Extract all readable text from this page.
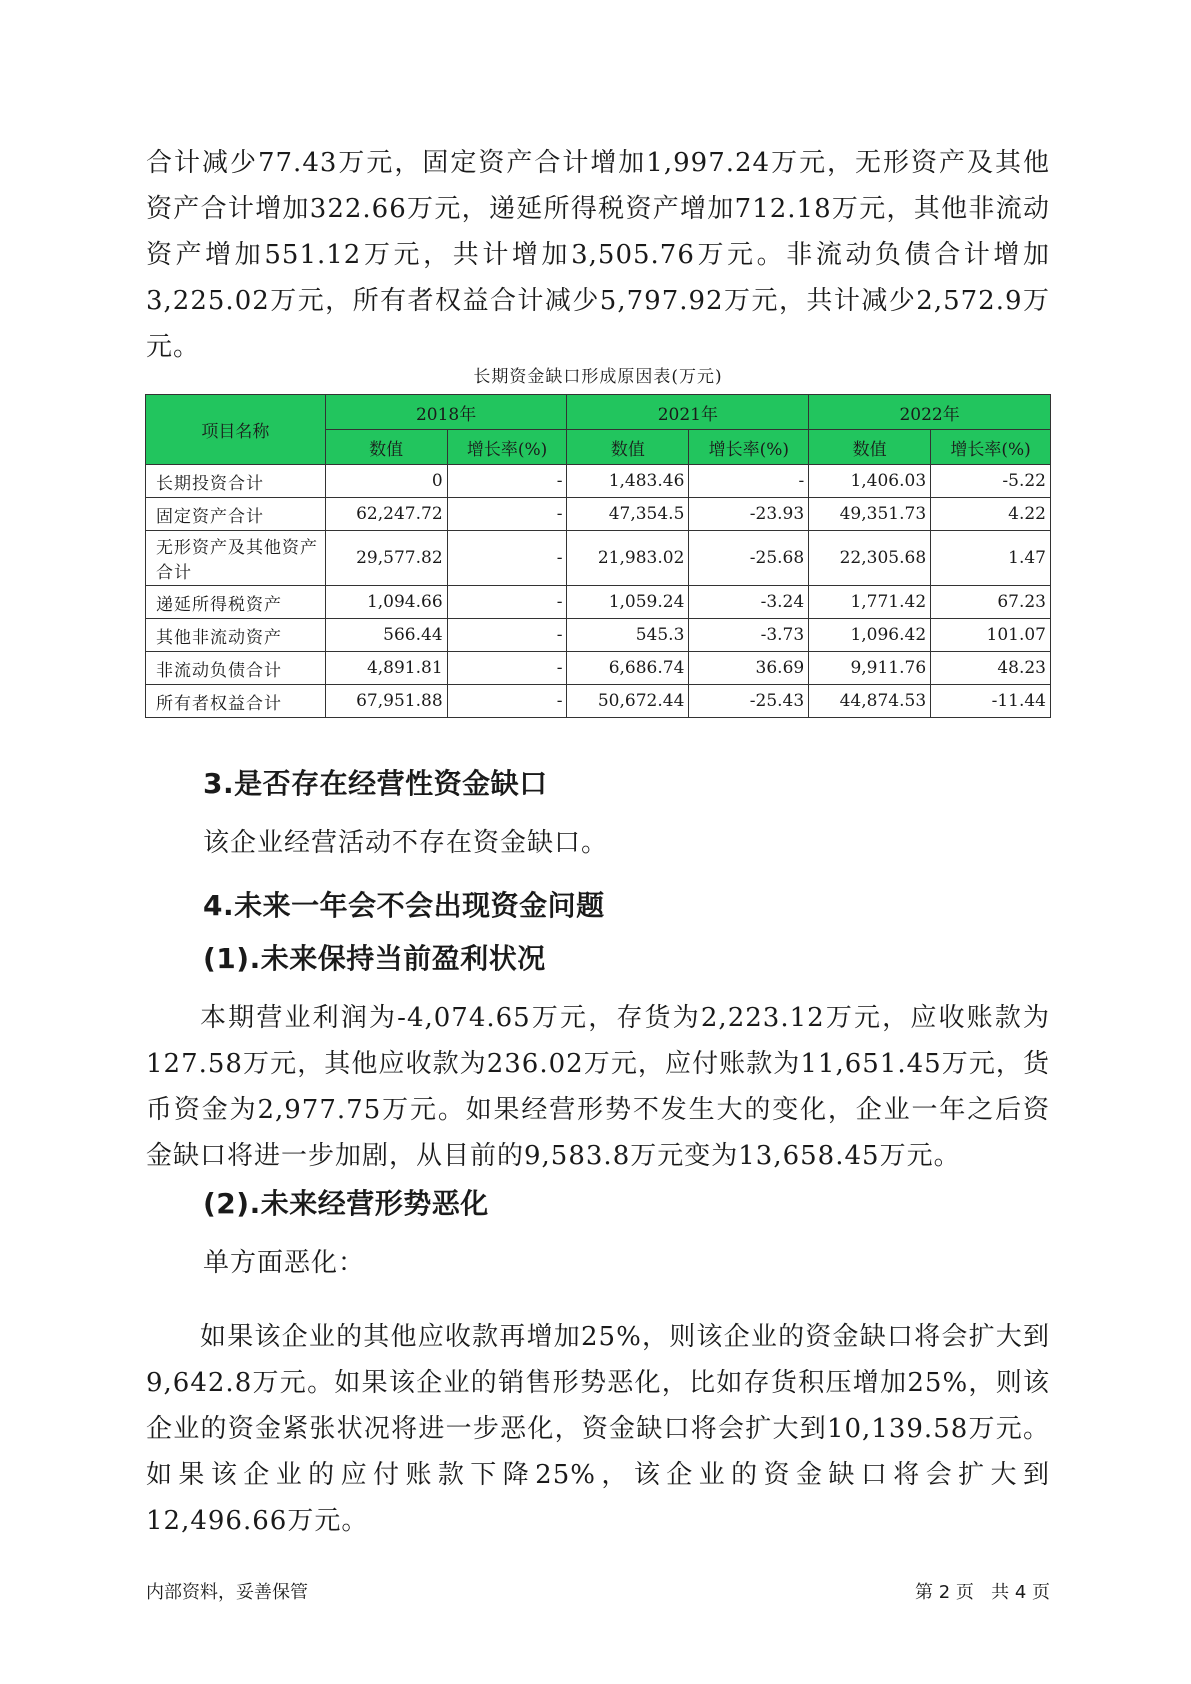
合计减少77.43万元，固定资产合计增加1,997.24万元，无形资产及其他资产合计增加322.66万元，递延所得税资产增加712.18万元，其他非流动资产增加551.12万元，共计增加3,505.76万元。非流动负债合计增加3,225.02万元，所有者权益合计减少5,797.92万元，共计减少2,572.9万元。

长期资金缺口形成原因表(万元)
项目名称	2018年		2021年		2022年	
	数值	增长率(%)	数值	增长率(%)	数值	增长率(%)
长期投资合计	0	-	1,483.46	-	1,406.03	-5.22
固定资产合计	62,247.72	-	47,354.5	-23.93	49,351.73	4.22
无形资产及其他资产合计	29,577.82	-	21,983.02	-25.68	22,305.68	1.47
递延所得税资产	1,094.66	-	1,059.24	-3.24	1,771.42	67.23
其他非流动资产	566.44	-	545.3	-3.73	1,096.42	101.07
非流动负债合计	4,891.81	-	6,686.74	36.69	9,911.76	48.23
所有者权益合计	67,951.88	-	50,672.44	-25.43	44,874.53	-11.44
3.是否存在经营性资金缺口

该企业经营活动不存在资金缺口。

4.未来一年会不会出现资金问题
(1).未来保持当前盈利状况

本期营业利润为-4,074.65万元，存货为2,223.12万元，应收账款为127.58万元，其他应收款为236.02万元，应付账款为11,651.45万元，货币资金为2,977.75万元。如果经营形势不发生大的变化，企业一年之后资金缺口将进一步加剧，从目前的9,583.8万元变为13,658.45万元。

(2).未来经营形势恶化

单方面恶化：

如果该企业的其他应收款再增加25%，则该企业的资金缺口将会扩大到9,642.8万元。如果该企业的销售形势恶化，比如存货积压增加25%，则该企业的资金紧张状况将进一步恶化，资金缺口将会扩大到10,139.58万元。如果该企业的应付账款下降25%，该企业的资金缺口将会扩大到12,496.66万元。

内部资料，妥善保管	第 2 页   共 4 页
